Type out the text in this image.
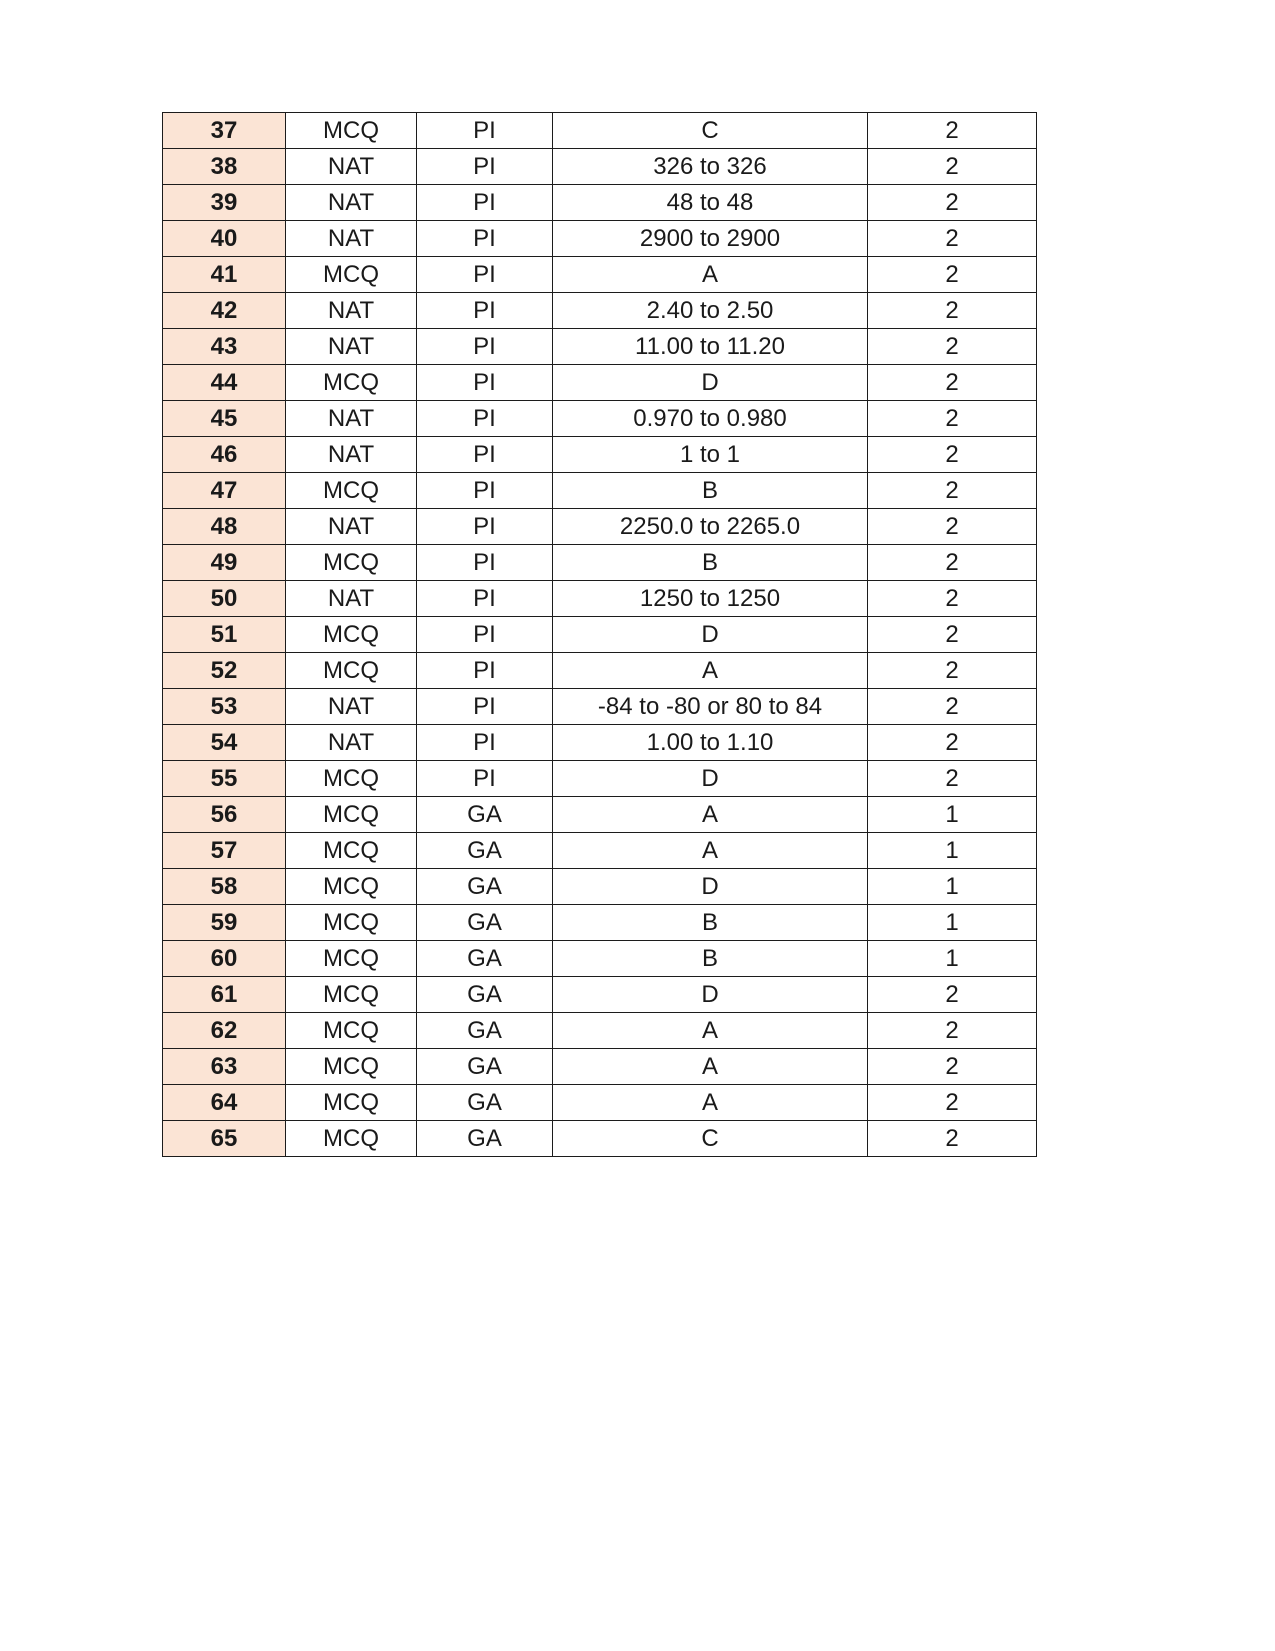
37	MCQ	PI	C	2
38	NAT	PI	326 to 326	2
39	NAT	PI	48 to 48	2
40	NAT	PI	2900 to 2900	2
41	MCQ	PI	A	2
42	NAT	PI	2.40 to 2.50	2
43	NAT	PI	11.00 to 11.20	2
44	MCQ	PI	D	2
45	NAT	PI	0.970 to 0.980	2
46	NAT	PI	1 to 1	2
47	MCQ	PI	B	2
48	NAT	PI	2250.0 to 2265.0	2
49	MCQ	PI	B	2
50	NAT	PI	1250 to 1250	2
51	MCQ	PI	D	2
52	MCQ	PI	A	2
53	NAT	PI	-84 to -80 or 80 to 84	2
54	NAT	PI	1.00 to 1.10	2
55	MCQ	PI	D	2
56	MCQ	GA	A	1
57	MCQ	GA	A	1
58	MCQ	GA	D	1
59	MCQ	GA	B	1
60	MCQ	GA	B	1
61	MCQ	GA	D	2
62	MCQ	GA	A	2
63	MCQ	GA	A	2
64	MCQ	GA	A	2
65	MCQ	GA	C	2
